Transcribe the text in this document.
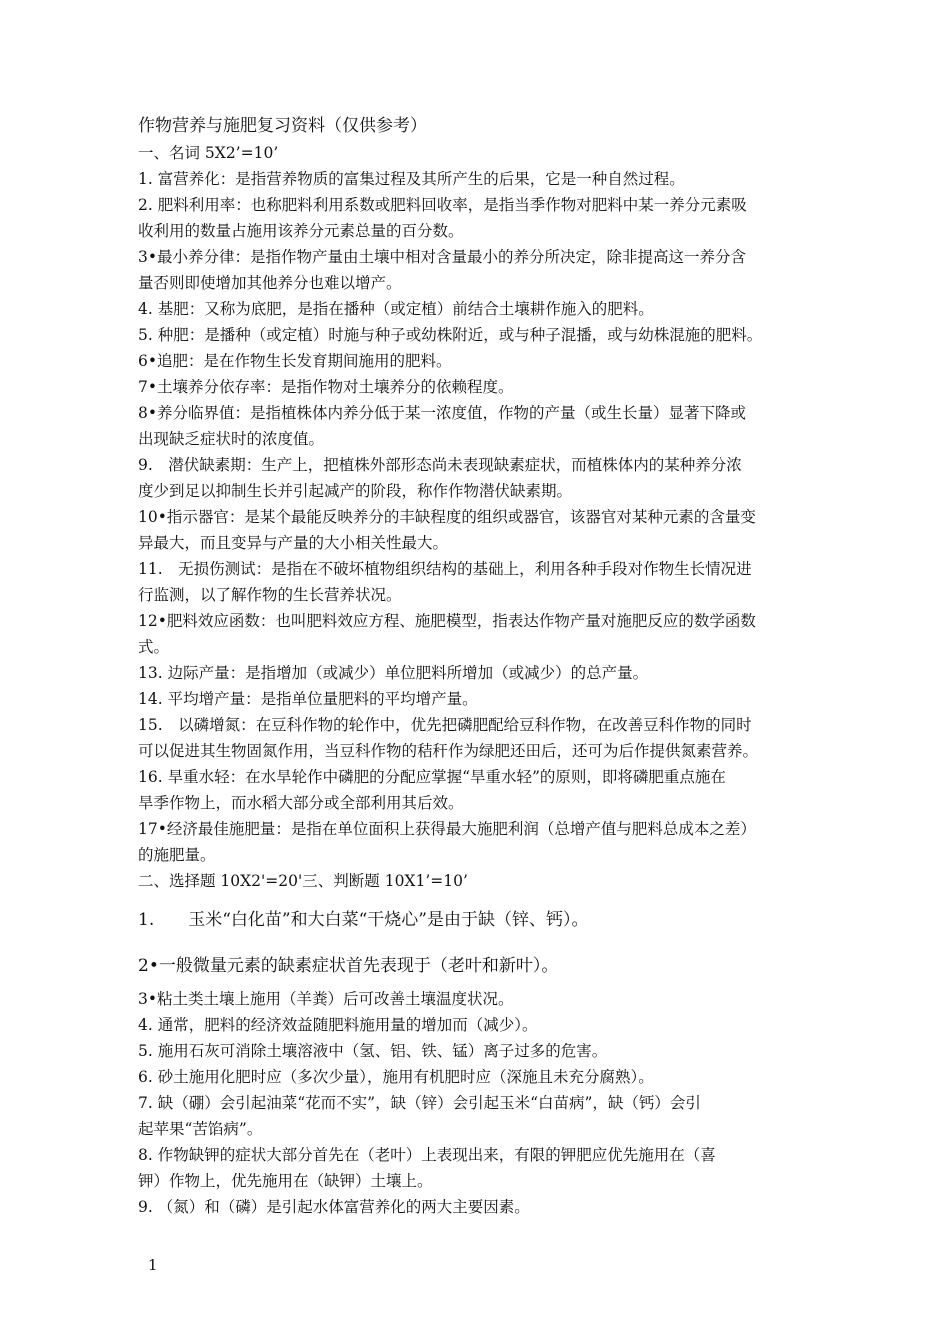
作物营养与施肥复习资料（仅供参考）
一、名词 5X2’=10’
1. 富营养化：是指营养物质的富集过程及其所产生的后果，它是一种自然过程。
2. 肥料利用率：也称肥料利用系数或肥料回收率，是指当季作物对肥料中某一养分元素吸
收利用的数量占施用该养分元素总量的百分数。
3•最小养分律：是指作物产量由土壤中相对含量最小的养分所决定，除非提高这一养分含
量否则即使增加其他养分也难以增产。
4. 基肥：又称为底肥，是指在播种（或定植）前结合土壤耕作施入的肥料。
5. 种肥：是播种（或定植）时施与种子或幼株附近，或与种子混播，或与幼株混施的肥料。
6•追肥：是在作物生长发育期间施用的肥料。
7•土壤养分依存率：是指作物对土壤养分的依赖程度。
8•养分临界值：是指植株体内养分低于某一浓度值，作物的产量（或生长量）显著下降或
出现缺乏症状时的浓度值。
9.　潜伏缺素期：生产上，把植株外部形态尚未表现缺素症状，而植株体内的某种养分浓
度少到足以抑制生长并引起减产的阶段，称作作物潜伏缺素期。
10•指示器官：是某个最能反映养分的丰缺程度的组织或器官，该器官对某种元素的含量变
异最大，而且变异与产量的大小相关性最大。
11.　无损伤测试：是指在不破坏植物组织结构的基础上，利用各种手段对作物生长情况进
行监测，以了解作物的生长营养状况。
12•肥料效应函数：也叫肥料效应方程、施肥模型，指表达作物产量对施肥反应的数学函数
式。
13. 边际产量：是指增加（或减少）单位肥料所增加（或减少）的总产量。
14. 平均增产量：是指单位量肥料的平均增产量。
15.　以磷增氮：在豆科作物的轮作中，优先把磷肥配给豆科作物，在改善豆科作物的同时
可以促进其生物固氮作用，当豆科作物的秸秆作为绿肥还田后，还可为后作提供氮素营养。
16. 旱重水轻：在水旱轮作中磷肥的分配应掌握“旱重水轻”的原则，即将磷肥重点施在
旱季作物上，而水稻大部分或全部利用其后效。
17•经济最佳施肥量：是指在单位面积上获得最大施肥利润（总增产值与肥料总成本之差）
的施肥量。
二、选择题 10X2'=20'三、判断题 10X1’=10’
1.　　玉米“白化苗”和大白菜“干烧心”是由于缺（锌、钙）。
2•一般微量元素的缺素症状首先表现于（老叶和新叶）。
3•粘土类土壤上施用（羊粪）后可改善土壤温度状况。
4. 通常，肥料的经济效益随肥料施用量的增加而（减少）。
5. 施用石灰可消除土壤溶液中（氢、铝、铁、锰）离子过多的危害。
6. 砂土施用化肥时应（多次少量），施用有机肥时应（深施且未充分腐熟）。
7. 缺（硼）会引起油菜“花而不实”，缺（锌）会引起玉米“白苗病”，缺（钙）会引
起苹果“苦馅病”。
8. 作物缺钾的症状大部分首先在（老叶）上表现出来，有限的钾肥应优先施用在（喜
钾）作物上，优先施用在（缺钾）土壤上。
9. （氮）和（磷）是引起水体富营养化的两大主要因素。
1
